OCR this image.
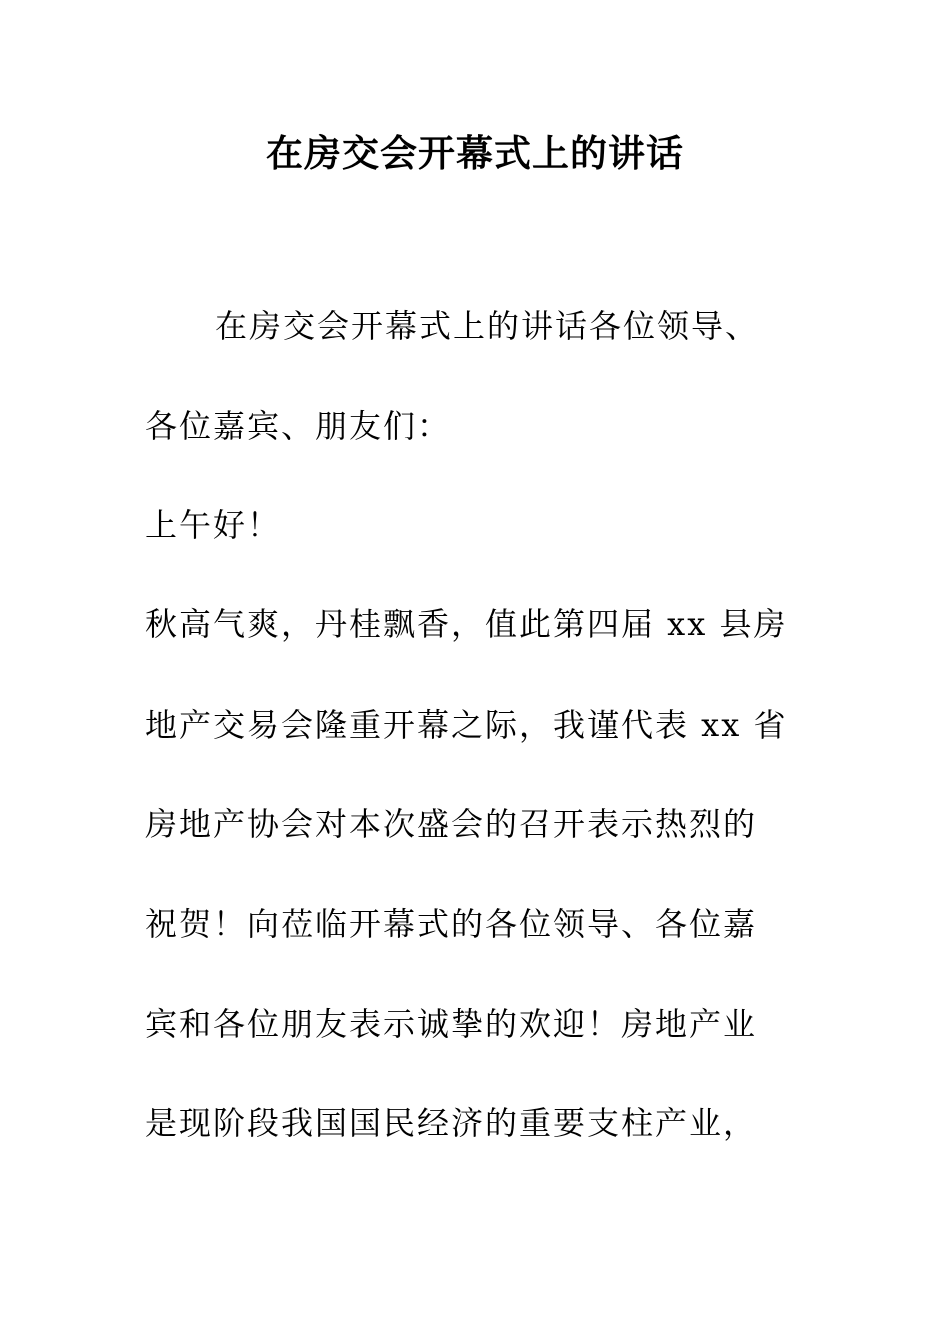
在房交会开幕式上的讲话
在房交会开幕式上的讲话各位领导、
各位嘉宾、朋友们：
上午好！
秋高气爽，丹桂飘香，值此第四届 xx 县房
地产交易会隆重开幕之际，我谨代表 xx 省
房地产协会对本次盛会的召开表示热烈的
祝贺！向莅临开幕式的各位领导、各位嘉
宾和各位朋友表示诚挚的欢迎！房地产业
是现阶段我国国民经济的重要支柱产业，
